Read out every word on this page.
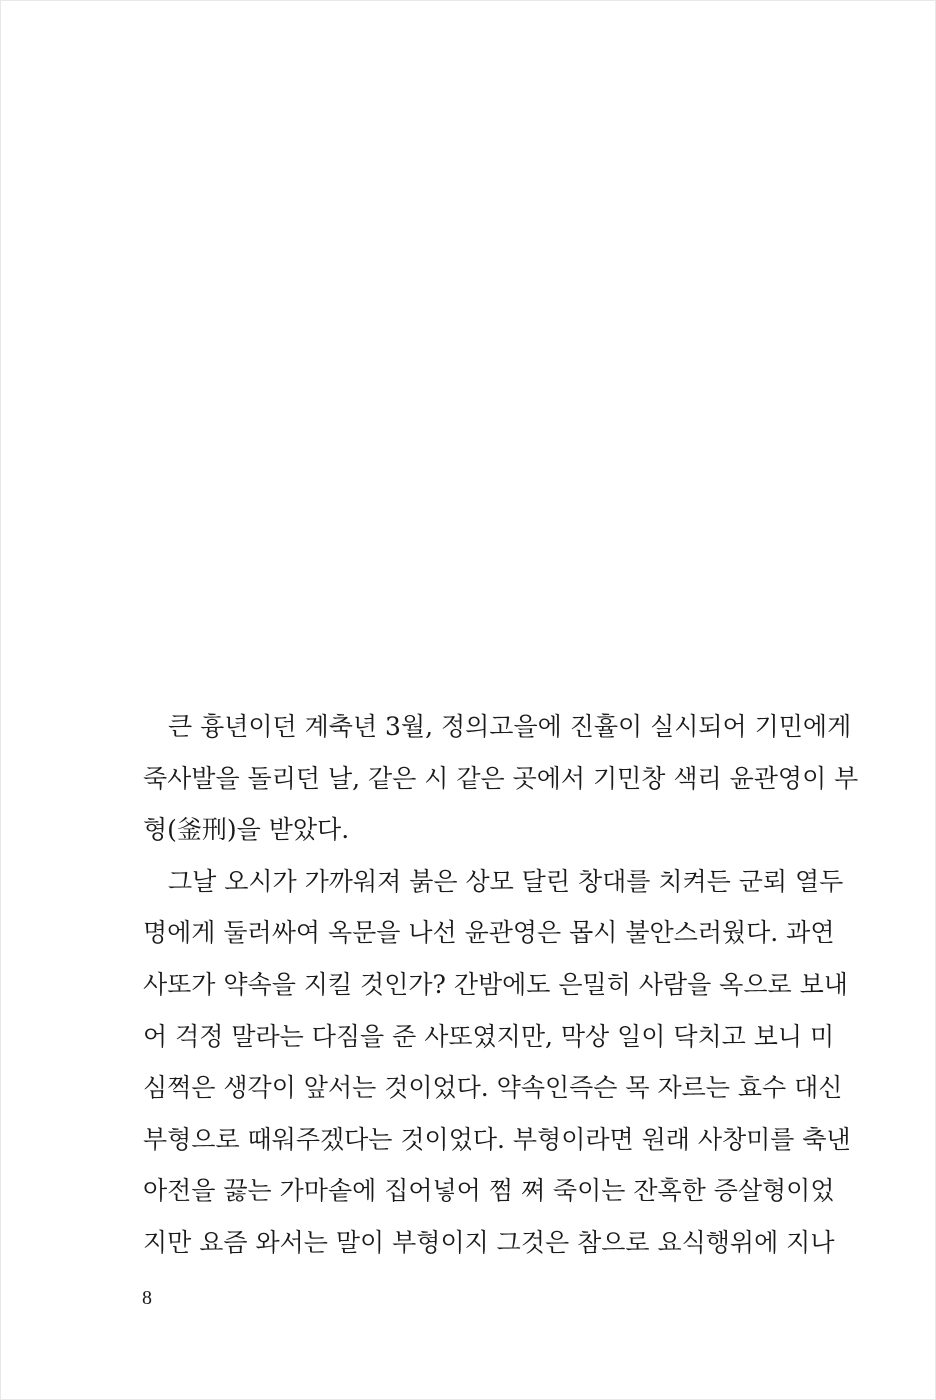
큰 흉년이던 계축년 3월, 정의고을에 진휼이 실시되어 기민에게
죽사발을 돌리던 날, 같은 시 같은 곳에서 기민창 색리 윤관영이 부
형(釜刑)을 받았다.
그날 오시가 가까워져 붉은 상모 달린 창대를 치켜든 군뢰 열두
명에게 둘러싸여 옥문을 나선 윤관영은 몹시 불안스러웠다. 과연
사또가 약속을 지킬 것인가? 간밤에도 은밀히 사람을 옥으로 보내
어 걱정 말라는 다짐을 준 사또였지만, 막상 일이 닥치고 보니 미
심쩍은 생각이 앞서는 것이었다. 약속인즉슨 목 자르는 효수 대신
부형으로 때워주겠다는 것이었다. 부형이라면 원래 사창미를 축낸
아전을 끓는 가마솥에 집어넣어 쩜 쪄 죽이는 잔혹한 증살형이었
지만 요즘 와서는 말이 부형이지 그것은 참으로 요식행위에 지나
8
